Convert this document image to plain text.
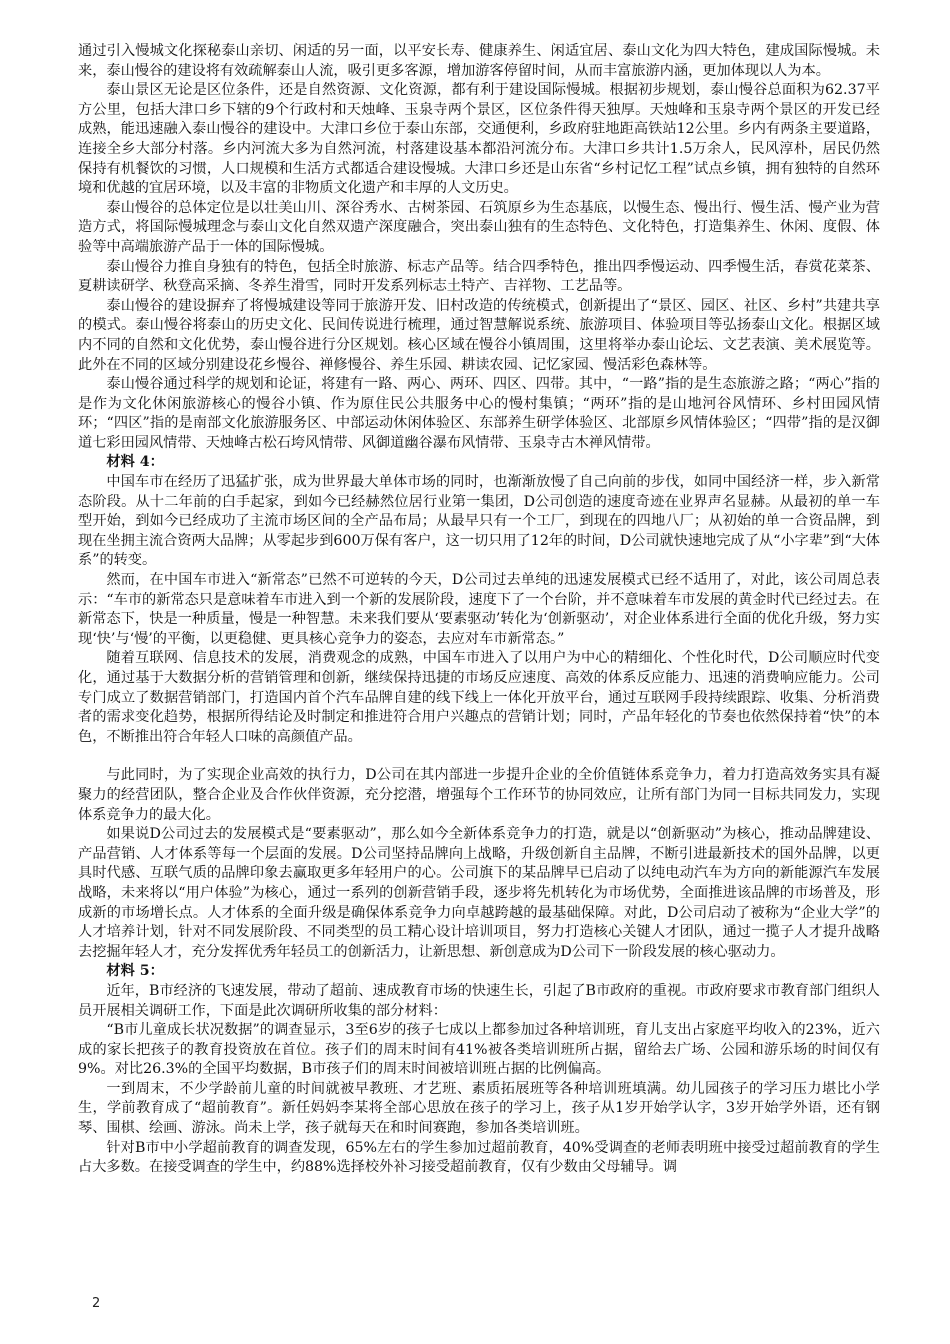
通过引入慢城文化探秘泰山亲切、闲适的另一面，以平安长寿、健康养生、闲适宜居、泰山文化为四大特色，建成国际慢城。未来，泰山慢谷的建设将有效疏解泰山人流，吸引更多客源，增加游客停留时间，从而丰富旅游内涵，更加体现以人为本。

泰山景区无论是区位条件，还是自然资源、文化资源，都有利于建设国际慢城。根据初步规划，泰山慢谷总面积为62.37平方公里，包括大津口乡下辖的9个行政村和天烛峰、玉泉寺两个景区，区位条件得天独厚。天烛峰和玉泉寺两个景区的开发已经成熟，能迅速融入泰山慢谷的建设中。大津口乡位于泰山东部，交通便利，乡政府驻地距高铁站12公里。乡内有两条主要道路，连接全乡大部分村落。乡内河流大多为自然河流，村落建设基本都沿河流分布。大津口乡共计1.5万余人，民风淳朴，居民仍然保持有机餐饮的习惯，人口规模和生活方式都适合建设慢城。大津口乡还是山东省“乡村记忆工程”试点乡镇，拥有独特的自然环境和优越的宜居环境，以及丰富的非物质文化遗产和丰厚的人文历史。

泰山慢谷的总体定位是以壮美山川、深谷秀水、古树茶园、石筑原乡为生态基底，以慢生态、慢出行、慢生活、慢产业为营造方式，将国际慢城理念与泰山文化自然双遗产深度融合，突出泰山独有的生态特色、文化特色，打造集养生、休闲、度假、体验等中高端旅游产品于一体的国际慢城。

泰山慢谷力推自身独有的特色，包括全时旅游、标志产品等。结合四季特色，推出四季慢运动、四季慢生活，春赏花菜茶、夏耕读研学、秋登高采摘、冬养生滑雪，同时开发系列标志土特产、吉祥物、工艺品等。

泰山慢谷的建设摒弃了将慢城建设等同于旅游开发、旧村改造的传统模式，创新提出了“景区、园区、社区、乡村”共建共享的模式。泰山慢谷将泰山的历史文化、民间传说进行梳理，通过智慧解说系统、旅游项目、体验项目等弘扬泰山文化。根据区域内不同的自然和文化优势，泰山慢谷进行分区规划。核心区域在慢谷小镇周围，这里将举办泰山论坛、文艺表演、美术展览等。此外在不同的区域分别建设花乡慢谷、禅修慢谷、养生乐园、耕读农园、记忆家园、慢活彩色森林等。

泰山慢谷通过科学的规划和论证，将建有一路、两心、两环、四区、四带。其中，“一路”指的是生态旅游之路；“两心”指的是作为文化休闲旅游核心的慢谷小镇、作为原住民公共服务中心的慢村集镇；“两环”指的是山地河谷风情环、乡村田园风情环；“四区”指的是南部文化旅游服务区、中部运动休闲体验区、东部养生研学体验区、北部原乡风情体验区；“四带”指的是汉御道七彩田园风情带、天烛峰古松石垮风情带、风御道幽谷瀑布风情带、玉泉寺古木禅风情带。

材料 4：

中国车市在经历了迅猛扩张，成为世界最大单体市场的同时，也渐渐放慢了自己向前的步伐，如同中国经济一样，步入新常态阶段。从十二年前的白手起家，到如今已经赫然位居行业第一集团，D公司创造的速度奇迹在业界声名显赫。从最初的单一车型开始，到如今已经成功了主流市场区间的全产品布局；从最早只有一个工厂，到现在的四地八厂；从初始的单一合资品牌，到现在坐拥主流合资两大品牌；从零起步到600万保有客户，这一切只用了12年的时间，D公司就快速地完成了从“小字辈”到“大体系”的转变。

然而，在中国车市进入“新常态”已然不可逆转的今天，D公司过去单纯的迅速发展模式已经不适用了，对此，该公司周总表示：“车市的新常态只是意味着车市进入到一个新的发展阶段，速度下了一个台阶，并不意味着车市发展的黄金时代已经过去。在新常态下，快是一种质量，慢是一种智慧。未来我们要从‘要素驱动’转化为‘创新驱动’，对企业体系进行全面的优化升级，努力实现‘快’与‘慢’的平衡，以更稳健、更具核心竞争力的姿态，去应对车市新常态。”

随着互联网、信息技术的发展，消费观念的成熟，中国车市进入了以用户为中心的精细化、个性化时代，D公司顺应时代变化，通过基于大数据分析的营销管理和创新，继续保持迅捷的市场反应速度、高效的体系反应能力、迅速的消费响应能力。公司专门成立了数据营销部门，打造国内首个汽车品牌自建的线下线上一体化开放平台，通过互联网手段持续跟踪、收集、分析消费者的需求变化趋势，根据所得结论及时制定和推进符合用户兴趣点的营销计划；同时，产品年轻化的节奏也依然保持着“快”的本色，不断推出符合年轻人口味的高颜值产品。

与此同时，为了实现企业高效的执行力，D公司在其内部进一步提升企业的全价值链体系竞争力，着力打造高效务实具有凝聚力的经营团队，整合企业及合作伙伴资源，充分挖潜，增强每个工作环节的协同效应，让所有部门为同一目标共同发力，实现体系竞争力的最大化。

如果说D公司过去的发展模式是“要素驱动”，那么如今全新体系竞争力的打造，就是以“创新驱动”为核心，推动品牌建设、产品营销、人才体系等每一个层面的发展。D公司坚持品牌向上战略，升级创新自主品牌，不断引进最新技术的国外品牌，以更具时代感、互联气质的品牌印象去赢取更多年轻用户的心。公司旗下的某品牌早已启动了以纯电动汽车为方向的新能源汽车发展战略，未来将以“用户体验”为核心，通过一系列的创新营销手段，逐步将先机转化为市场优势，全面推进该品牌的市场普及，形成新的市场增长点。人才体系的全面升级是确保体系竞争力向卓越跨越的最基础保障。对此，D公司启动了被称为“企业大学”的人才培养计划，针对不同发展阶段、不同类型的员工精心设计培训项目，努力打造核心关键人才团队，通过一揽子人才提升战略去挖掘年轻人才，充分发挥优秀年轻员工的创新活力，让新思想、新创意成为D公司下一阶段发展的核心驱动力。

材料 5：

近年，B市经济的飞速发展，带动了超前、速成教育市场的快速生长，引起了B市政府的重视。市政府要求市教育部门组织人员开展相关调研工作，下面是此次调研所收集的部分材料：

“B市儿童成长状况数据”的调查显示，3至6岁的孩子七成以上都参加过各种培训班，育儿支出占家庭平均收入的23%，近六成的家长把孩子的教育投资放在首位。孩子们的周末时间有41%被各类培训班所占据，留给去广场、公园和游乐场的时间仅有9%。对比26.3%的全国平均数据，B市孩子们的周末时间被培训班占据的比例偏高。

一到周末，不少学龄前儿童的时间就被早教班、才艺班、素质拓展班等各种培训班填满。幼儿园孩子的学习压力堪比小学生，学前教育成了“超前教育”。新任妈妈李某将全部心思放在孩子的学习上，孩子从1岁开始学认字，3岁开始学外语，还有钢琴、围棋、绘画、游泳。尚未上学，孩子就每天在和时间赛跑，参加各类培训班。

针对B市中小学超前教育的调查发现，65%左右的学生参加过超前教育，40%受调查的老师表明班中接受过超前教育的学生占大多数。在接受调查的学生中，约88%选择校外补习接受超前教育，仅有少数由父母辅导。调

2
